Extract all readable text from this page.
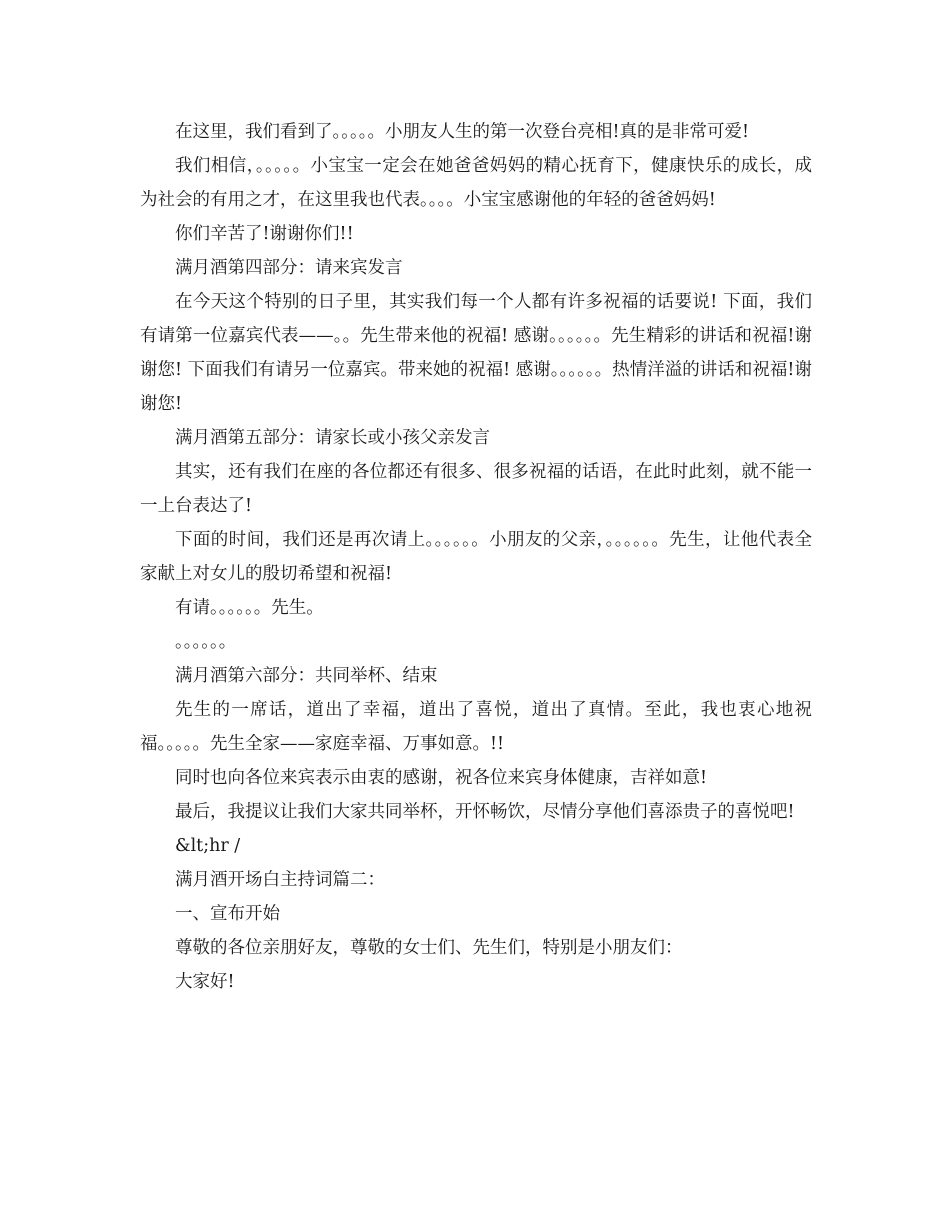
在这里，我们看到了。。。。。小朋友人生的第一次登台亮相!真的是非常可爱!

我们相信，。。。。。小宝宝一定会在她爸爸妈妈的精心抚育下，健康快乐的成长，成为社会的有用之才，在这里我也代表。。。。小宝宝感谢他的年轻的爸爸妈妈!

你们辛苦了!谢谢你们!!

满月酒第四部分：请来宾发言

在今天这个特别的日子里，其实我们每一个人都有许多祝福的话要说! 下面，我们有请第一位嘉宾代表——。。先生带来他的祝福! 感谢。。。。。。先生精彩的讲话和祝福!谢谢您! 下面我们有请另一位嘉宾。带来她的祝福! 感谢。。。。。。热情洋溢的讲话和祝福!谢谢您!

满月酒第五部分：请家长或小孩父亲发言

其实，还有我们在座的各位都还有很多、很多祝福的话语，在此时此刻，就不能一一上台表达了!

下面的时间，我们还是再次请上。。。。。。小朋友的父亲，。。。。。。先生，让他代表全家献上对女儿的殷切希望和祝福!

有请。。。。。。先生。

。。。。。。

满月酒第六部分：共同举杯、结束

先生的一席话，道出了幸福，道出了喜悦，道出了真情。至此，我也衷心地祝福。。。。。先生全家——家庭幸福、万事如意。!!

同时也向各位来宾表示由衷的感谢，祝各位来宾身体健康，吉祥如意!

最后，我提议让我们大家共同举杯，开怀畅饮，尽情分享他们喜添贵子的喜悦吧!

&lt;hr /

满月酒开场白主持词篇二：

一、宣布开始

尊敬的各位亲朋好友，尊敬的女士们、先生们，特别是小朋友们：

大家好!
